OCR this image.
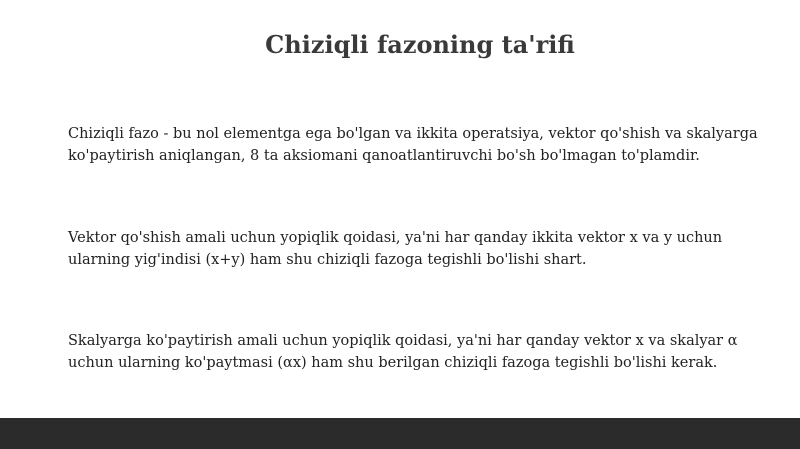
Chiziqli fazoning ta'rifi

Chiziqli fazo - bu nol elementga ega bo'lgan va ikkita operatsiya, vektor qo'shish va skalyarga
ko'paytirish aniqlangan, 8 ta aksiomani qanoatlantiruvchi bo'sh bo'lmagan to'plamdir.

Vektor qo'shish amali uchun yopiqlik qoidasi, ya'ni har qanday ikkita vektor x va y uchun
ularning yig'indisi (x+y) ham shu chiziqli fazoga tegishli bo'lishi shart.

Skalyarga ko'paytirish amali uchun yopiqlik qoidasi, ya'ni har qanday vektor x va skalyar α
uchun ularning ko'paytmasi (αx) ham shu berilgan chiziqli fazoga tegishli bo'lishi kerak.
